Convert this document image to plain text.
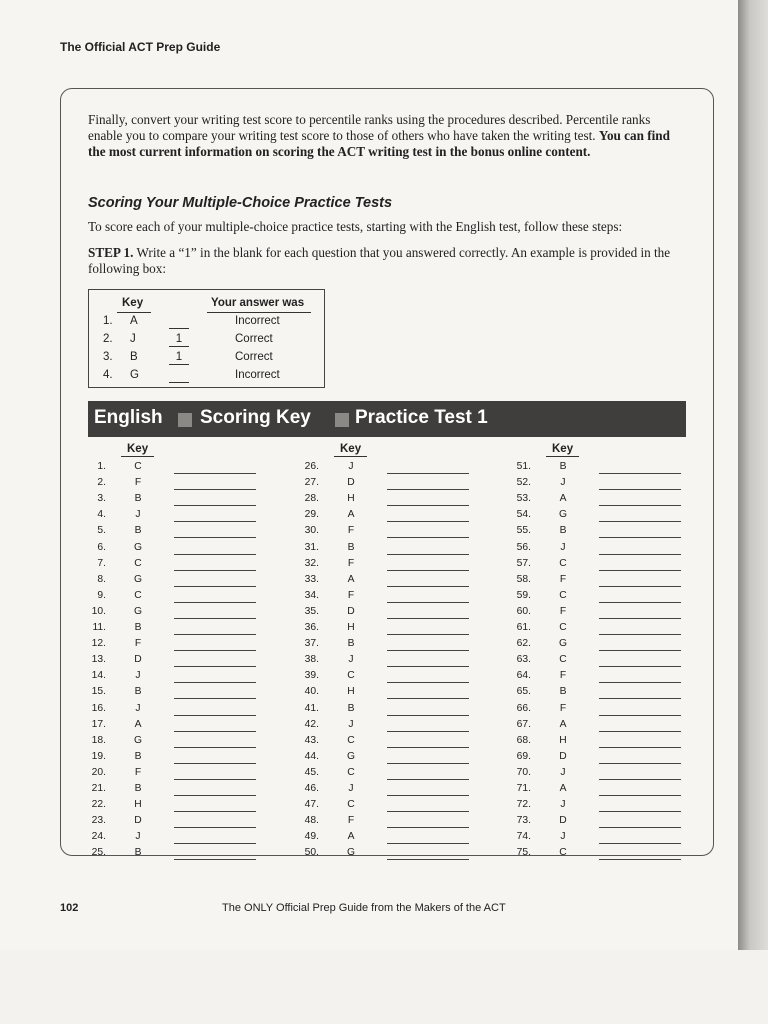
The Official ACT Prep Guide
Finally, convert your writing test score to percentile ranks using the procedures described. Percentile ranks enable you to compare your writing test score to those of others who have taken the writing test. You can find the most current information on scoring the ACT writing test in the bonus online content.
Scoring Your Multiple-Choice Practice Tests
To score each of your multiple-choice practice tests, starting with the English test, follow these steps:
STEP 1. Write a “1” in the blank for each question that you answered correctly. An example is provided in the following box:
Key	Your answer was
1. A	Incorrect
2. J	1	Correct
3. B	1	Correct
4. G	Incorrect
English Scoring Key Practice Test 1
Key	Key	Key
1.	C
2.	F
3.	B
4.	J
5.	B
6.	G
7.	C
8.	G
9.	C
10.	G
11.	B
12.	F
13.	D
14.	J
15.	B
16.	J
17.	A
18.	G
19.	B
20.	F
21.	B
22.	H
23.	D
24.	J
25.	B
26.	J
27.	D
28.	H
29.	A
30.	F
31.	B
32.	F
33.	A
34.	F
35.	D
36.	H
37.	B
38.	J
39.	C
40.	H
41.	B
42.	J
43.	C
44.	G
45.	C
46.	J
47.	C
48.	F
49.	A
50.	G
51.	B
52.	J
53.	A
54.	G
55.	B
56.	J
57.	C
58.	F
59.	C
60.	F
61.	C
62.	G
63.	C
64.	F
65.	B
66.	F
67.	A
68.	H
69.	D
70.	J
71.	A
72.	J
73.	D
74.	J
75.	C
102	The ONLY Official Prep Guide from the Makers of the ACT
